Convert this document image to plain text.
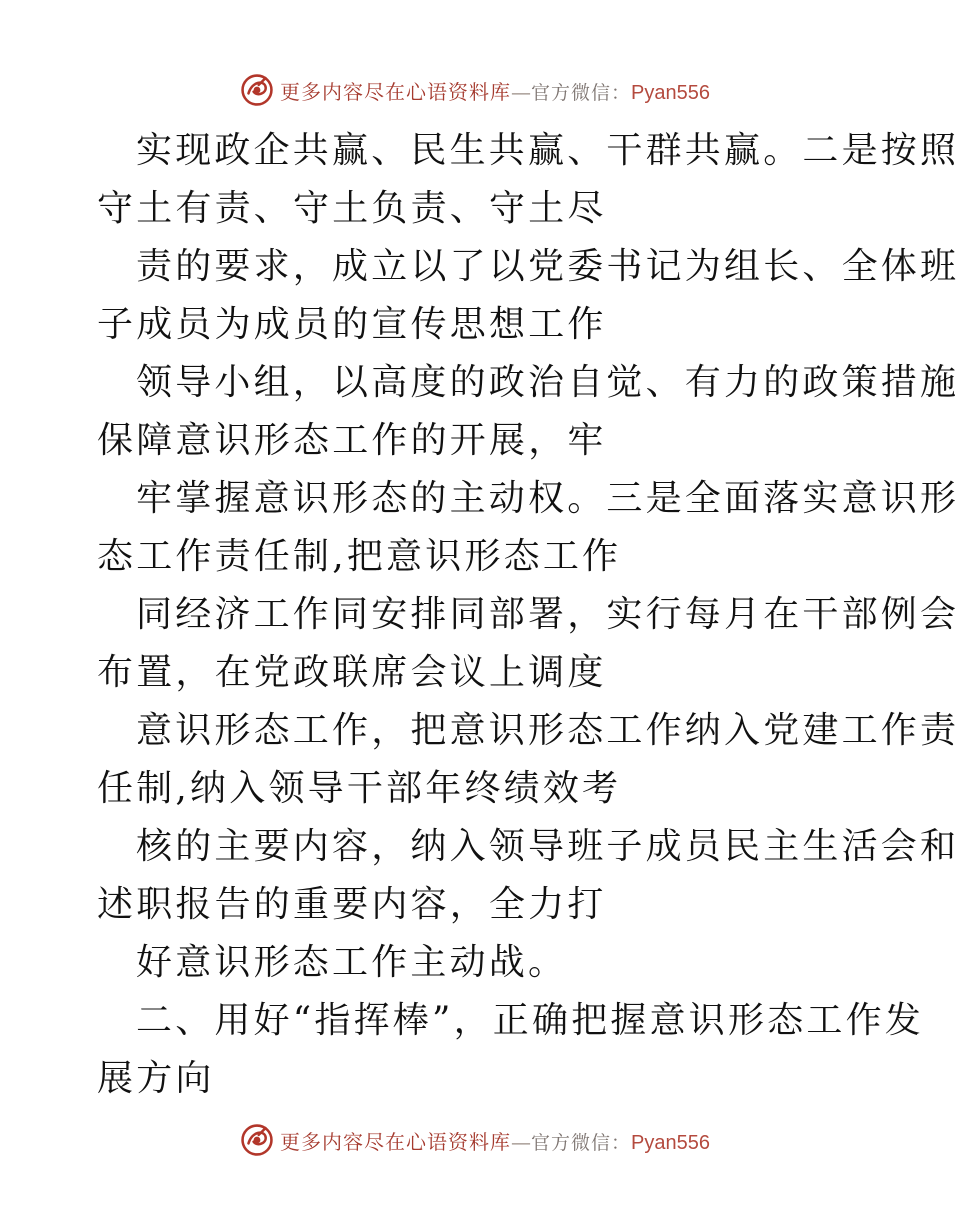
更多内容尽在心语资料库—官方微信：Pyan556
实现政企共赢、民生共赢、干群共赢。二是按照
守土有责、守土负责、守土尽
责的要求，成立以了以党委书记为组长、全体班
子成员为成员的宣传思想工作
领导小组，以高度的政治自觉、有力的政策措施
保障意识形态工作的开展，牢
牢掌握意识形态的主动权。三是全面落实意识形
态工作责任制,把意识形态工作
同经济工作同安排同部署，实行每月在干部例会
布置，在党政联席会议上调度
意识形态工作，把意识形态工作纳入党建工作责
任制,纳入领导干部年终绩效考
核的主要内容，纳入领导班子成员民主生活会和
述职报告的重要内容，全力打
好意识形态工作主动战。
二、用好“指挥棒”，正确把握意识形态工作发
展方向
更多内容尽在心语资料库—官方微信：Pyan556
